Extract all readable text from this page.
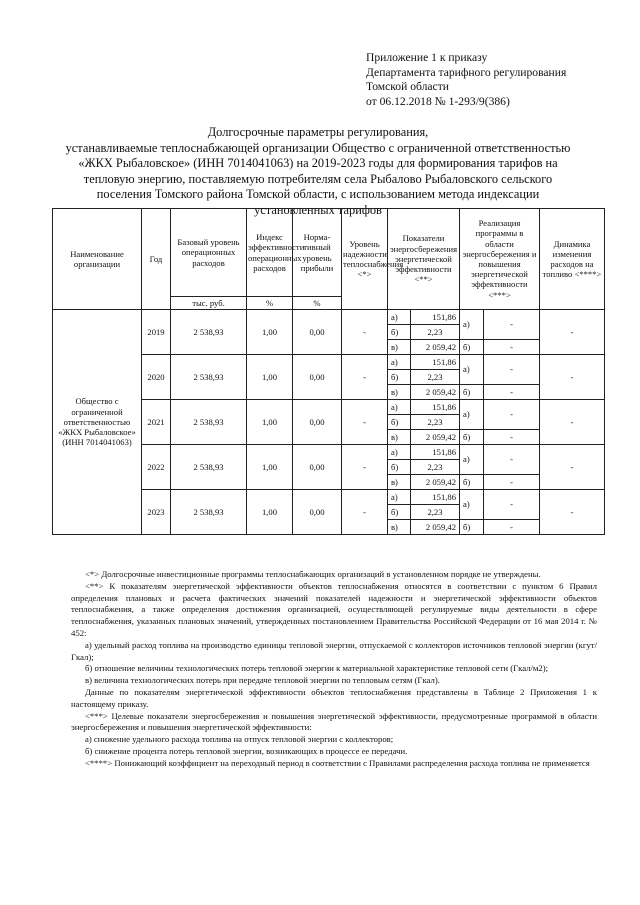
Приложение 1 к приказу
Департамента тарифного регулирования
Томской области
от 06.12.2018 № 1-293/9(386)
Долгосрочные параметры регулирования,
устанавливаемые теплоснабжающей организации Общество с ограниченной ответственностью
«ЖКХ Рыбаловское» (ИНН 7014041063) на 2019-2023 годы для формирования тарифов на
тепловую энергию, поставляемую потребителям села Рыбалово Рыбаловского сельского
поселения Томского района Томской области, с использованием метода индексации
установленных тарифов
Наименование организации	Год	Базовый уровень операционных расходов	Индекс эффективности операционных расходов	Норма-тивный уровень прибыли	Уровень надежности теплоснабжения <*>	Показатели энергосбережения энергетической эффективности <**>		Реализация программы в области энергосбережения и повышения энергетической эффективности <***>		Динамика изменения расходов на топливо <****>
		тыс. руб.	%	%						
Общество с ограниченной ответственностью «ЖКХ Рыбаловское» (ИНН 7014041063)	2019	2 538,93	1,00	0,00	-	а)	151,86	а)	-	-
						б)	2,23			
						в)	2 059,42	б)	-	
	2020	2 538,93	1,00	0,00	-	а)	151,86	а)	-	-
						б)	2,23			
						в)	2 059,42	б)	-	
	2021	2 538,93	1,00	0,00	-	а)	151,86	а)	-	-
						б)	2,23			
						в)	2 059,42	б)	-	
	2022	2 538,93	1,00	0,00	-	а)	151,86	а)	-	-
						б)	2,23			
						в)	2 059,42	б)	-	
	2023	2 538,93	1,00	0,00	-	а)	151,86	а)	-	-
						б)	2,23			
						в)	2 059,42	б)	-	

<*> Долгосрочные инвестиционные программы теплоснабжающих организаций в установленном порядке не утверждены.

<**> К показателям энергетической эффективности объектов теплоснабжения относятся в соответствии с пунктом 6 Правил определения плановых и расчета фактических значений показателей надежности и энергетической эффективности объектов теплоснабжения, а также определения достижения организацией, осуществляющей регулируемые виды деятельности в сфере теплоснабжения, указанных плановых значений, утвержденных постановлением Правительства Российской Федерации от 16 мая 2014 г. № 452:

а) удельный расход топлива на производство единицы тепловой энергии, отпускаемой с коллекторов источников тепловой энергии (кгут/Гкал);

б) отношение величины технологических потерь тепловой энергии к материальной характеристике тепловой сети (Гкал/м2);

в) величина технологических потерь при передаче тепловой энергии по тепловым сетям (Гкал).

Данные по показателям энергетической эффективности объектов теплоснабжения представлены в Таблице 2 Приложения 1 к настоящему приказу.

<***> Целевые показатели энергосбережения и повышения энергетической эффективности, предусмотренные программой в области энергосбережения и повышения энергетической эффективности:

а) снижение удельного расхода топлива на отпуск тепловой энергии с коллекторов;

б) снижение процента потерь тепловой энергии, возникающих в процессе ее передачи.

<****> Понижающий коэффициент на переходный период в соответствии с Правилами распределения расхода топлива не применяется
